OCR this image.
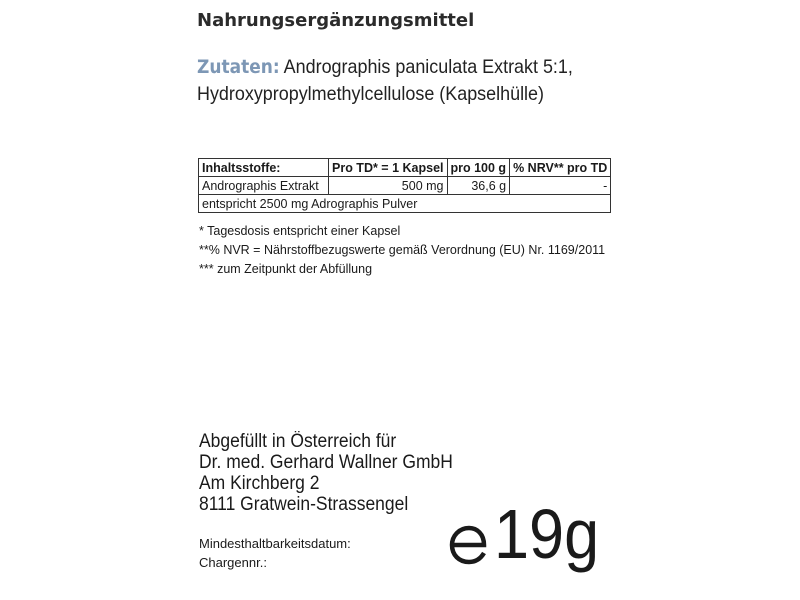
Nahrungsergänzungsmittel
Zutaten: Andrographis paniculata Extrakt 5:1,
Hydroxypropylmethylcellulose (Kapselhülle)
Inhaltsstoffe:	Pro TD* = 1 Kapsel	pro 100 g	% NRV** pro TD
Andrographis Extrakt	500 mg	36,6 g	-
entspricht 2500 mg Adrographis Pulver			
* Tagesdosis entspricht einer Kapsel
**% NVR = Nährstoffbezugswerte gemäß Verordnung (EU) Nr. 1169/2011
*** zum Zeitpunkt der Abfüllung
Abgefüllt in Österreich für
Dr. med. Gerhard Wallner GmbH
Am Kirchberg 2
8111 Gratwein-Strassengel
Mindesthaltbarkeitsdatum:
Chargennr.:	19g
